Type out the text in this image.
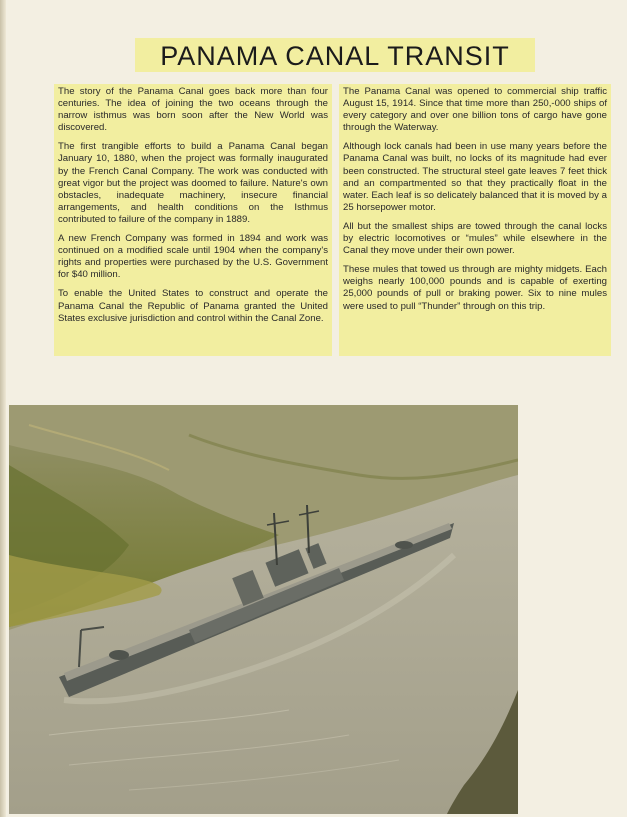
PANAMA CANAL TRANSIT

The story of the Panama Canal goes back more than four centuries. The idea of joining the two oceans through the narrow isthmus was born soon after the New World was discovered.

The first trangible efforts to build a Panama Canal began January 10, 1880, when the project was formally inaugurated by the French Canal Company. The work was conducted with great vigor but the project was doomed to failure. Nature's own obstacles, inadequate machinery, insecure financial arrangements, and health conditions on the Isthmus contributed to failure of the company in 1889.

A new French Company was formed in 1894 and work was continued on a modified scale until 1904 when the company's rights and properties were purchased by the U.S. Government for $40 million.

To enable the United States to construct and operate the Panama Canal the Republic of Panama granted the United States exclusive jurisdiction and control within the Canal Zone.

The Panama Canal was opened to commercial ship traffic August 15, 1914. Since that time more than 250,-000 ships of every category and over one billion tons of cargo have gone through the Waterway.

Although lock canals had been in use many years before the Panama Canal was built, no locks of its magnitude had ever been constructed. The structural steel gate leaves 7 feet thick and an compartmented so that they practically float in the water. Each leaf is so delicately balanced that it is moved by a 25 horsepower motor.

All but the smallest ships are towed through the canal locks by electric locomotives or “mules” while elsewhere in the Canal they move under their own power.

These mules that towed us through are mighty midgets. Each weighs nearly 100,000 pounds and is capable of exerting 25,000 pounds of pull or braking power. Six to nine mules were used to pull “Thunder” through on this trip.
